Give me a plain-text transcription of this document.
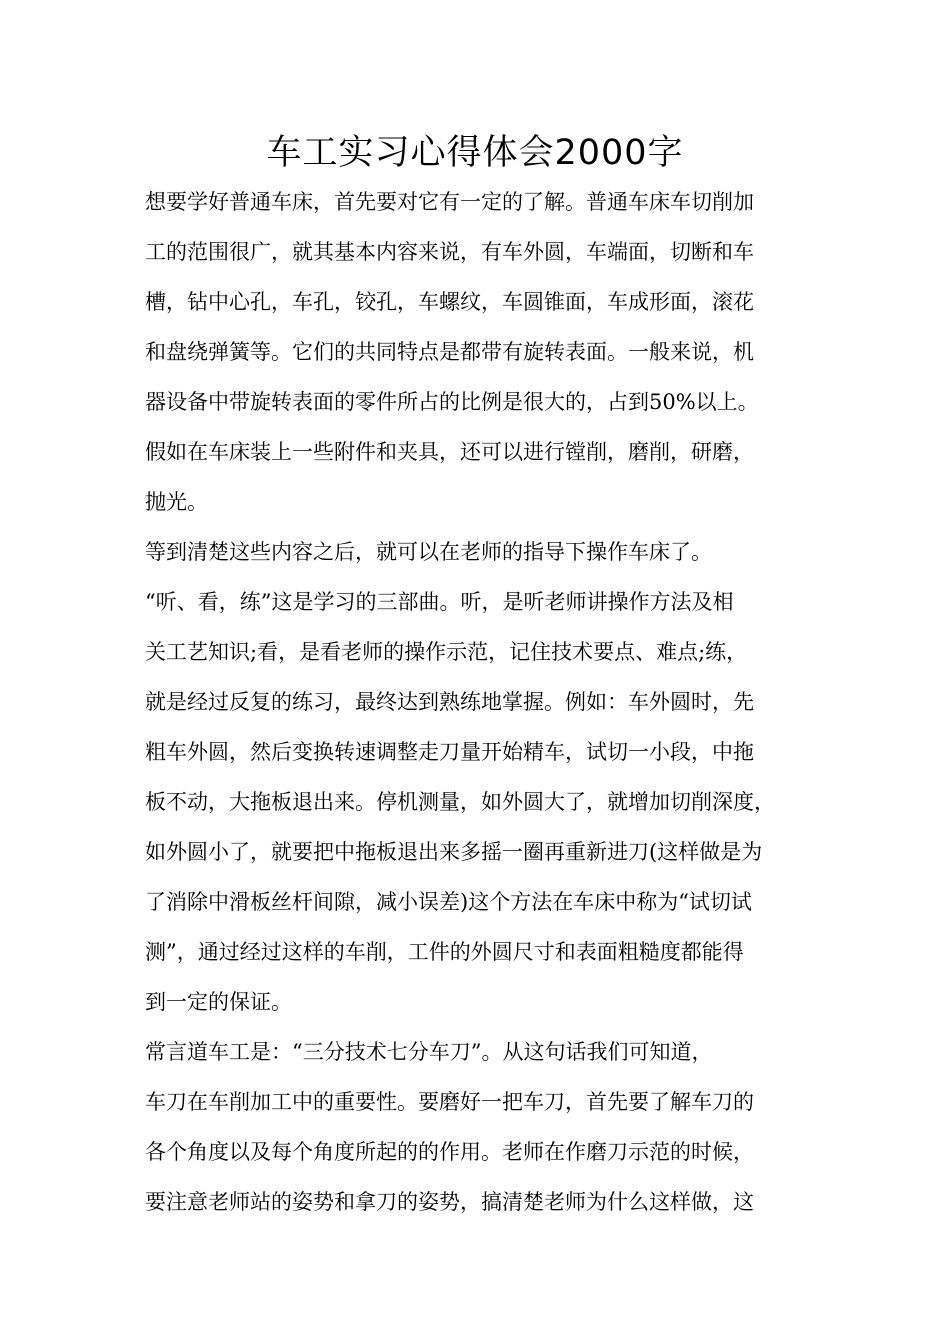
车工实习心得体会2000字

想要学好普通车床，首先要对它有一定的了解。普通车床车切削加
工的范围很广，就其基本内容来说，有车外圆，车端面，切断和车
槽，钻中心孔，车孔，铰孔，车螺纹，车圆锥面，车成形面，滚花
和盘绕弹簧等。它们的共同特点是都带有旋转表面。一般来说，机
器设备中带旋转表面的零件所占的比例是很大的，占到50%以上。
假如在车床装上一些附件和夹具，还可以进行镗削，磨削，研磨，
抛光。

等到清楚这些内容之后，就可以在老师的指导下操作车床了。
“听、看，练”这是学习的三部曲。听，是听老师讲操作方法及相
关工艺知识;看，是看老师的操作示范，记住技术要点、难点;练，
就是经过反复的练习，最终达到熟练地掌握。例如：车外圆时，先
粗车外圆，然后变换转速调整走刀量开始精车，试切一小段，中拖
板不动，大拖板退出来。停机测量，如外圆大了，就增加切削深度，
如外圆小了，就要把中拖板退出来多摇一圈再重新进刀(这样做是为
了消除中滑板丝杆间隙，减小误差)这个方法在车床中称为“试切试
测”，通过经过这样的车削，工件的外圆尺寸和表面粗糙度都能得
到一定的保证。

常言道车工是：“三分技术七分车刀”。从这句话我们可知道，
车刀在车削加工中的重要性。要磨好一把车刀，首先要了解车刀的
各个角度以及每个角度所起的的作用。老师在作磨刀示范的时候，
要注意老师站的姿势和拿刀的姿势，搞清楚老师为什么这样做，这
